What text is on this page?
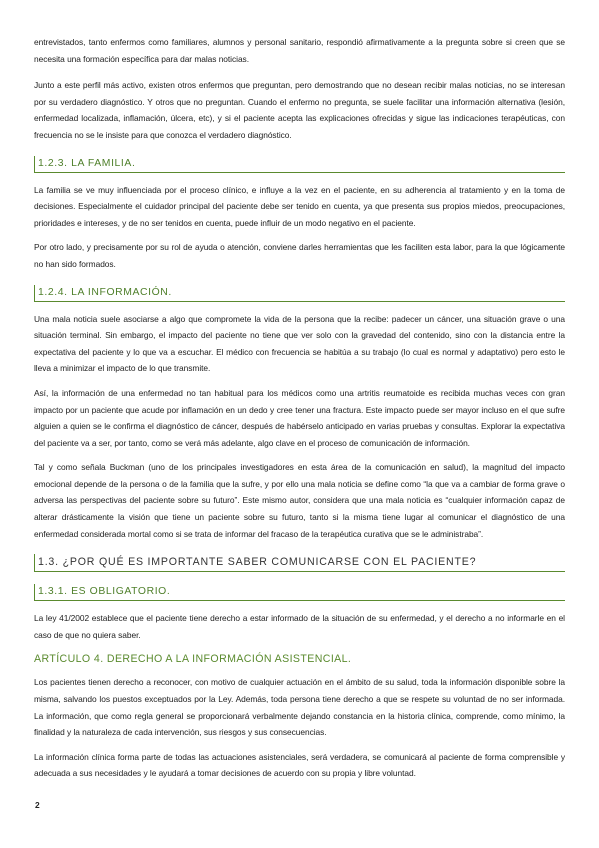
entrevistados, tanto enfermos como familiares, alumnos y personal sanitario, respondió afirmativamente a la pregunta sobre si creen que se necesita una formación específica para dar malas noticias.

Junto a este perfil más activo, existen otros enfermos que preguntan, pero demostrando que no desean recibir malas noticias, no se interesan por su verdadero diagnóstico. Y otros que no preguntan. Cuando el enfermo no pregunta, se suele facilitar una información alternativa (lesión, enfermedad localizada, inflamación, úlcera, etc), y si el paciente acepta las explicaciones ofrecidas y sigue las indicaciones terapéuticas, con frecuencia no se le insiste para que conozca el verdadero diagnóstico.

1.2.3. LA FAMILIA.

La familia se ve muy influenciada por el proceso clínico, e influye a la vez en el paciente, en su adherencia al tratamiento y en la toma de decisiones. Especialmente el cuidador principal del paciente debe ser tenido en cuenta, ya que presenta sus propios miedos, preocupaciones, prioridades e intereses, y de no ser tenidos en cuenta, puede influir de un modo negativo en el paciente.

Por otro lado, y precisamente por su rol de ayuda o atención, conviene darles herramientas que les faciliten esta labor, para la que lógicamente no han sido formados.

1.2.4. LA INFORMACIÓN.

Una mala noticia suele asociarse a algo que compromete la vida de la persona que la recibe: padecer un cáncer, una situación grave o una situación terminal. Sin embargo, el impacto del paciente no tiene que ver solo con la gravedad del contenido, sino con la distancia entre la expectativa del paciente y lo que va a escuchar. El médico con frecuencia se habitúa a su trabajo (lo cual es normal y adaptativo) pero esto le lleva a minimizar el impacto de lo que transmite.

Así, la información de una enfermedad no tan habitual para los médicos como una artritis reumatoide es recibida muchas veces con gran impacto por un paciente que acude por inflamación en un dedo y cree tener una fractura. Este impacto puede ser mayor incluso en el que sufre alguien a quien se le confirma el diagnóstico de cáncer, después de habérselo anticipado en varias pruebas y consultas. Explorar la expectativa del paciente va a ser, por tanto, como se verá más adelante, algo clave en el proceso de comunicación de información.

Tal y como señala Buckman (uno de los principales investigadores en esta área de la comunicación en salud), la magnitud del impacto emocional depende de la persona o de la familia que la sufre, y por ello una mala noticia se define como “la que va a cambiar de forma grave o adversa las perspectivas del paciente sobre su futuro”. Este mismo autor, considera que una mala noticia es “cualquier información capaz de alterar drásticamente la visión que tiene un paciente sobre su futuro, tanto si la misma tiene lugar al comunicar el diagnóstico de una enfermedad considerada mortal como si se trata de informar del fracaso de la terapéutica curativa que se le administraba”.

1.3. ¿POR QUÉ ES IMPORTANTE SABER COMUNICARSE CON EL PACIENTE?
1.3.1. ES OBLIGATORIO.

La ley 41/2002 establece que el paciente tiene derecho a estar informado de la situación de su enfermedad, y el derecho a no informarle en el caso de que no quiera saber.

ARTÍCULO 4. DERECHO A LA INFORMACIÓN ASISTENCIAL.

Los pacientes tienen derecho a reconocer, con motivo de cualquier actuación en el ámbito de su salud, toda la información disponible sobre la misma, salvando los puestos exceptuados por la Ley. Además, toda persona tiene derecho a que se respete su voluntad de no ser informada. La información, que como regla general se proporcionará verbalmente dejando constancia en la historia clínica, comprende, como mínimo, la finalidad y la naturaleza de cada intervención, sus riesgos y sus consecuencias.

La información clínica forma parte de todas las actuaciones asistenciales, será verdadera, se comunicará al paciente de forma comprensible y adecuada a sus necesidades y le ayudará a tomar decisiones de acuerdo con su propia y libre voluntad.

2
